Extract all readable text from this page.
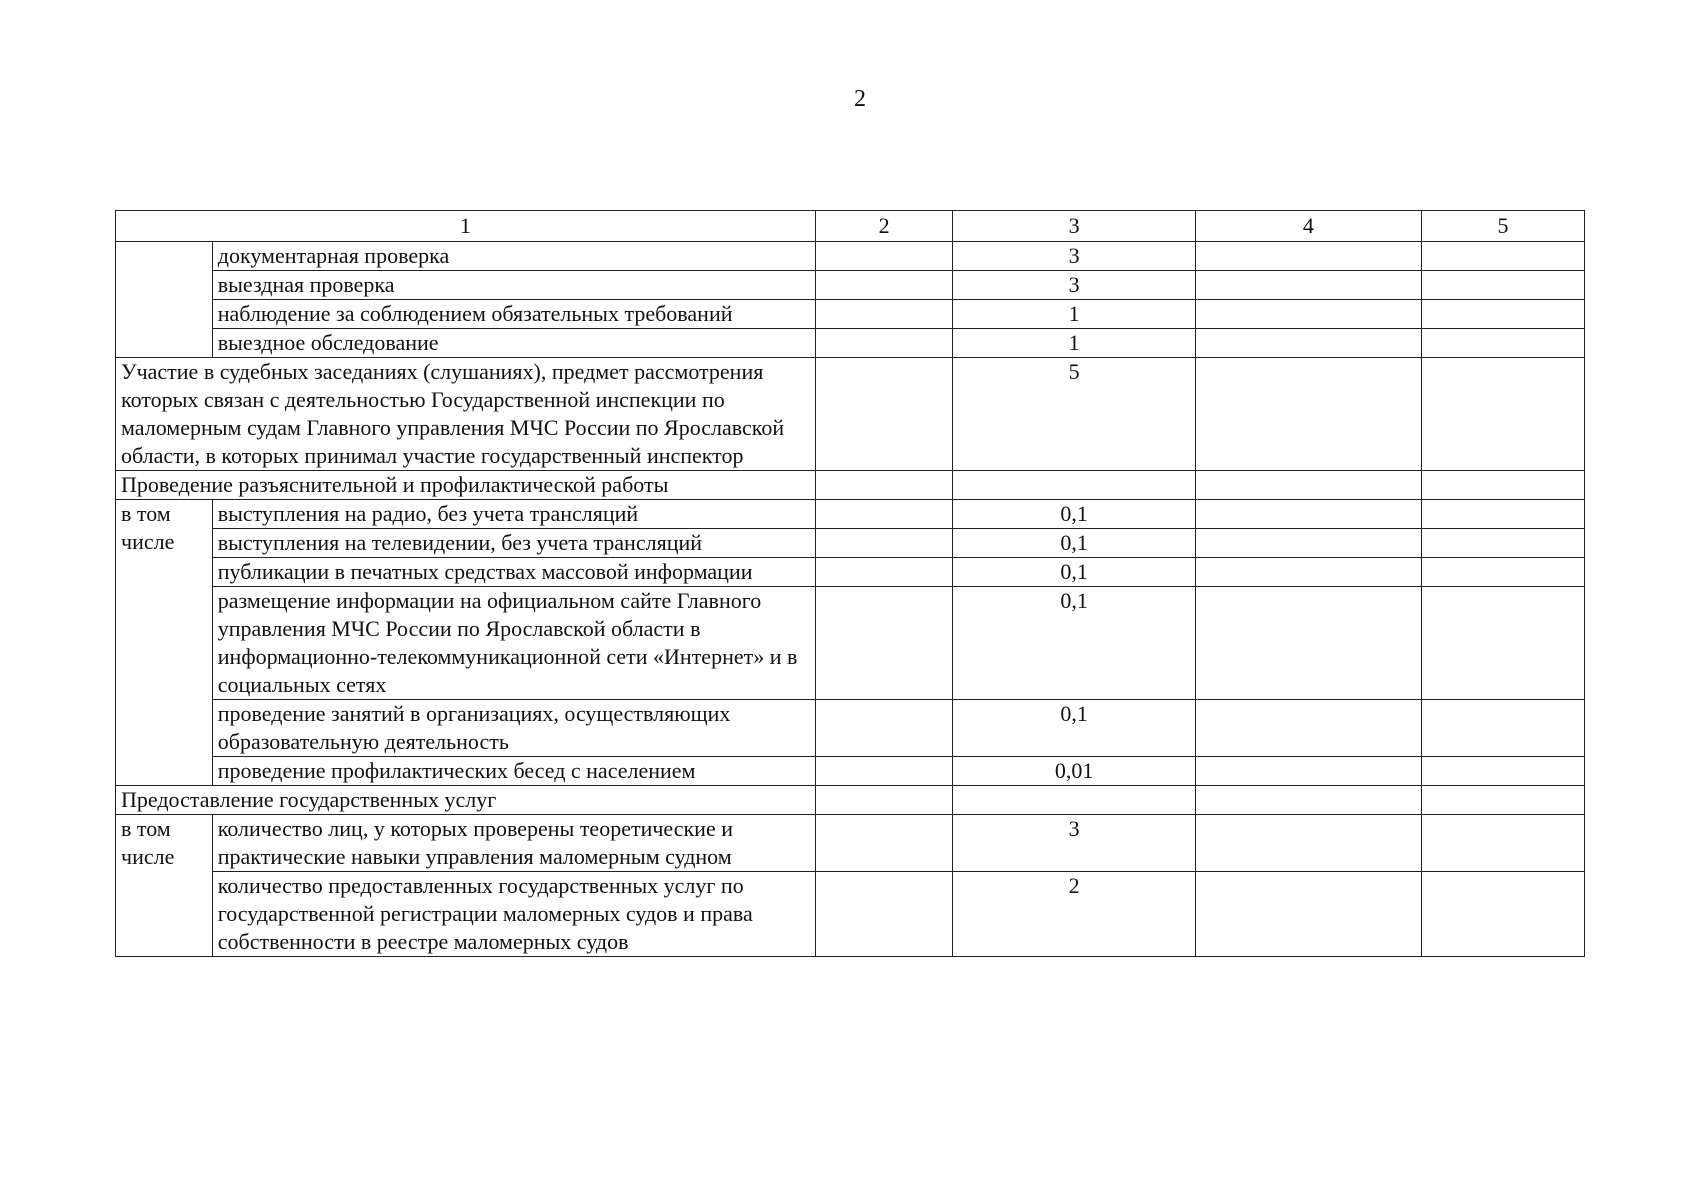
2
1		2	3	4	5
	документарная проверка		3		
	выездная проверка		3		
	наблюдение за соблюдением обязательных требований		1		
	выездное обследование		1		
Участие в судебных заседаниях (слушаниях), предмет рассмотрения которых связан с деятельностью Государственной инспекции по маломерным судам Главного управления МЧС России по Ярославской области, в которых принимал участие государственный инспектор			5		
Проведение разъяснительной и профилактической работы					
в том числе	выступления на радио, без учета трансляций		0,1		
	выступления на телевидении, без учета трансляций		0,1		
	публикации в печатных средствах массовой информации		0,1		
	размещение информации на официальном сайте Главного управления МЧС России по Ярославской области в информационно-телекоммуникационной сети «Интернет» и в социальных сетях		0,1		
	проведение занятий в организациях, осуществляющих образовательную деятельность		0,1		
	проведение профилактических бесед с населением		0,01		
Предоставление государственных услуг					
в том числе	количество лиц, у которых проверены теоретические и практические навыки управления маломерным судном		3		
	количество предоставленных государственных услуг по государственной регистрации маломерных судов и права собственности в реестре маломерных судов		2		
